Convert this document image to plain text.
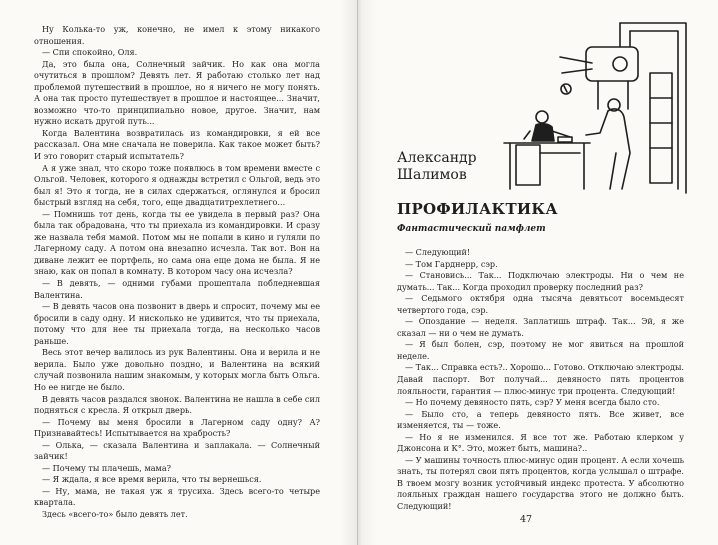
Ну Колька-то уж, конечно, не имел к этому никакого отношения.

— Спи спокойно, Оля.

Да, это была она, Солнечный зайчик. Но как она могла очутиться в прошлом? Девять лет. Я работаю столько лет над проблемой путешествий в прошлое, но я ничего не могу понять. А она так просто путешествует в прошлое и настоящее... Значит, возможно что-то принципиально новое, другое. Значит, нам нужно искать другой путь...

Когда Валентина возвратилась из командировки, я ей все рассказал. Она мне сначала не поверила. Как такое может быть? И это говорит старый испытатель?

А я уже знал, что скоро тоже появлюсь в том времени вместе с Ольгой. Человек, которого я однажды встретил с Ольгой, ведь это был я! Это я тогда, не в силах сдержаться, оглянулся и бросил быстрый взгляд на себя, того, еще двадцатитрехлетнего...

— Помнишь тот день, когда ты ее увидела в первый раз? Она была так обрадована, что ты приехала из командировки. И сразу же назвала тебя мамой. Потом мы не попали в кино и гуляли по Лагерному саду. А потом она внезапно исчезла. Так вот. Вон на диване лежит ее портфель, но сама она еще дома не была. Я не знаю, как он попал в комнату. В котором часу она исчезла?

— В девять, — одними губами прошептала побледневшая Валентина.

— В девять часов она позвонит в дверь и спросит, почему мы ее бросили в саду одну. И нисколько не удивится, что ты приехала, потому что для нее ты приехала тогда, на несколько часов раньше.

Весь этот вечер валилось из рук Валентины. Она и верила и не верила. Было уже довольно поздно, и Валентина на всякий случай позвонила нашим знакомым, у которых могла быть Ольга. Но ее нигде не было.

В девять часов раздался звонок. Валентина не нашла в себе сил подняться с кресла. Я открыл дверь.

— Почему вы меня бросили в Лагерном саду одну? А? Признавайтесь! Испытывается на храбрость?

— Олька, — сказала Валентина и заплакала. — Солнечный зайчик!

— Почему ты плачешь, мама?

— Я ждала, я все время верила, что ты вернешься.

— Ну, мама, не такая уж я трусиха. Здесь всего-то четыре квартала.

Здесь «всего-то» было девять лет.

Александр
Шалимов
ПРОФИЛАКТИКА
Фантастический памфлет

— Следующий!

— Том Гарднерр, сэр.

— Становись... Так... Подключаю электроды. Ни о чем не думать... Так... Когда проходил проверку последний раз?

— Седьмого октября одна тысяча девятьсот восемьдесят четвертого года, сэр.

— Опоздание — неделя. Заплатишь штраф. Так... Эй, я же сказал — ни о чем не думать.

— Я был болен, сэр, поэтому не мог явиться на прошлой неделе.

— Так... Справка есть?.. Хорошо... Готово. Отключаю электроды. Давай паспорт. Вот получай... девяносто пять процентов лояльности, гарантия — плюс-минус три процента. Следующий!

— Но почему девяносто пять, сэр? У меня всегда было сто.

— Было сто, а теперь девяносто пять. Все живет, все изменяется, ты — тоже.

— Но я не изменился. Я все тот же. Работаю клерком у Джонсона и К°. Это, может быть, машина?..

— У машины точность плюс-минус один процент. А если хочешь знать, ты потерял свои пять процентов, когда услышал о штрафе. В твоем мозгу возник устойчивый индекс протеста. У абсолютно лояльных граждан нашего государства этого не должно быть. Следующий!

47
